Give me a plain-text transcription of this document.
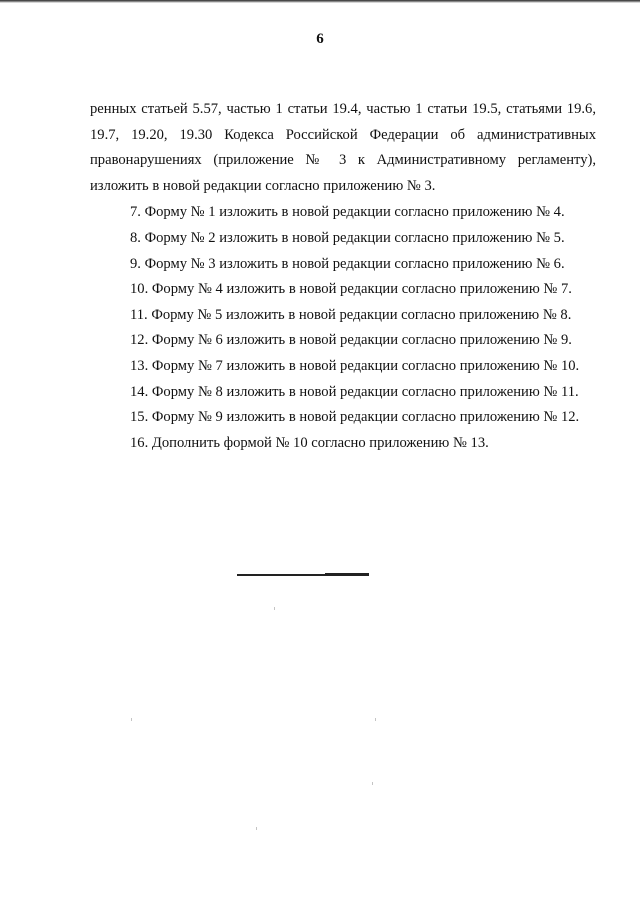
6

ренных статьей 5.57, частью 1 статьи 19.4, частью 1 статьи 19.5, статьями 19.6, 19.7, 19.20, 19.30 Кодекса Российской Федерации об административных правонарушениях (приложение № 3 к Административному регламенту), изложить в новой редакции согласно приложению № 3.

7. Форму № 1 изложить в новой редакции согласно приложению № 4.

8. Форму № 2 изложить в новой редакции согласно приложению № 5.

9. Форму № 3 изложить в новой редакции согласно приложению № 6.

10. Форму № 4 изложить в новой редакции согласно приложению № 7.

11. Форму № 5 изложить в новой редакции согласно приложению № 8.

12. Форму № 6 изложить в новой редакции согласно приложению № 9.

13. Форму № 7 изложить в новой редакции согласно приложению № 10.

14. Форму № 8 изложить в новой редакции согласно приложению № 11.

15. Форму № 9 изложить в новой редакции согласно приложению № 12.

16. Дополнить формой № 10 согласно приложению № 13.
